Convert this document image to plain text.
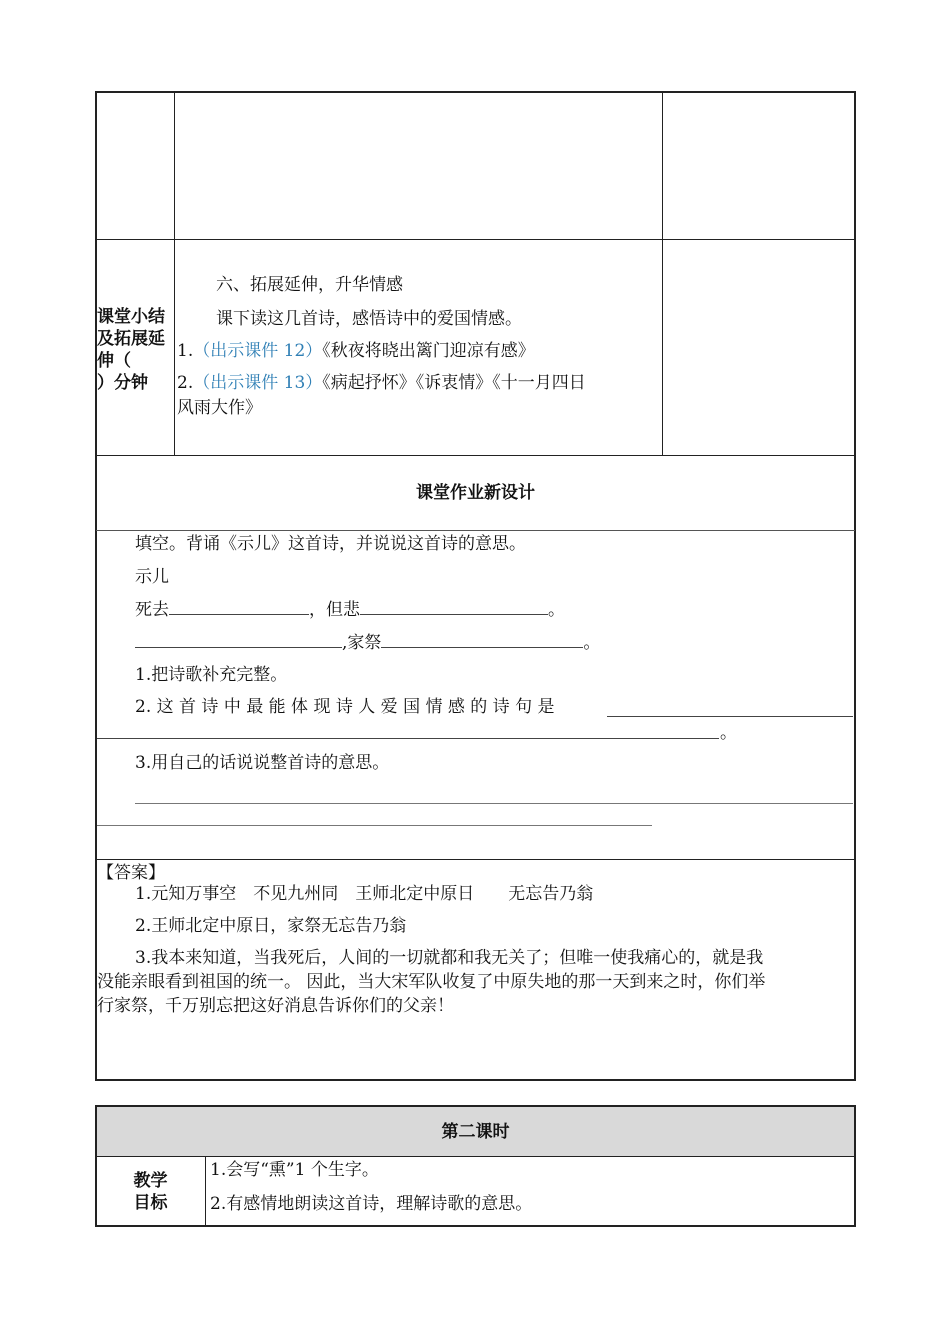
课堂小结
及拓展延
伸（
）分钟
六、拓展延伸，升华情感
课下读这几首诗，感悟诗中的爱国情感。
1.（出示课件 12）《秋夜将晓出篱门迎凉有感》
2.（出示课件 13）《病起抒怀》《诉衷情》《十一月四日
风雨大作》
课堂作业新设计
填空。背诵《示儿》这首诗，并说说这首诗的意思。
示儿
死去	，但悲	。
,家祭	。
1.把诗歌补充完整。
2. 这 首 诗 中 最 能 体 现 诗 人 爱 国 情 感 的 诗 句 是
。
3.用自己的话说说整首诗的意思。
【答案】
1.元知万事空　不见九州同　王师北定中原日　　无忘告乃翁
2.王师北定中原日，家祭无忘告乃翁
3.我本来知道，当我死后，人间的一切就都和我无关了；但唯一使我痛心的，就是我
没能亲眼看到祖国的统一。 因此，当大宋军队收复了中原失地的那一天到来之时，你们举
行家祭，千万别忘把这好消息告诉你们的父亲！
第二课时
教学
目标
1.会写“熏”1 个生字。
2.有感情地朗读这首诗，理解诗歌的意思。
